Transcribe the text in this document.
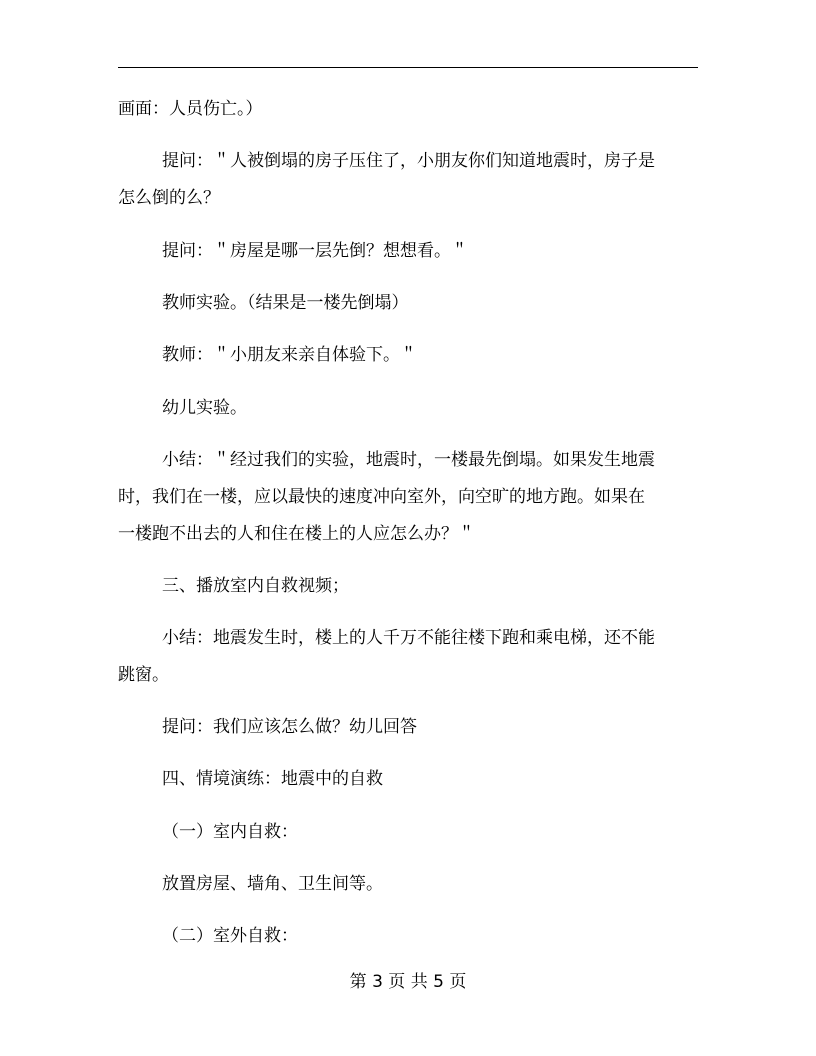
画面：人员伤亡。）
提问：＂人被倒塌的房子压住了，小朋友你们知道地震时，房子是
怎么倒的么？
提问：＂房屋是哪一层先倒？想想看。＂
教师实验。（结果是一楼先倒塌）
教师：＂小朋友来亲自体验下。＂
幼儿实验。
小结：＂经过我们的实验，地震时，一楼最先倒塌。如果发生地震
时，我们在一楼，应以最快的速度冲向室外，向空旷的地方跑。如果在
一楼跑不出去的人和住在楼上的人应怎么办？＂
三、播放室内自救视频；
小结：地震发生时，楼上的人千万不能往楼下跑和乘电梯，还不能
跳窗。
提问：我们应该怎么做？幼儿回答
四、情境演练：地震中的自救
（一）室内自救：
放置房屋、墙角、卫生间等。
（二）室外自救：
第 3 页 共 5 页
